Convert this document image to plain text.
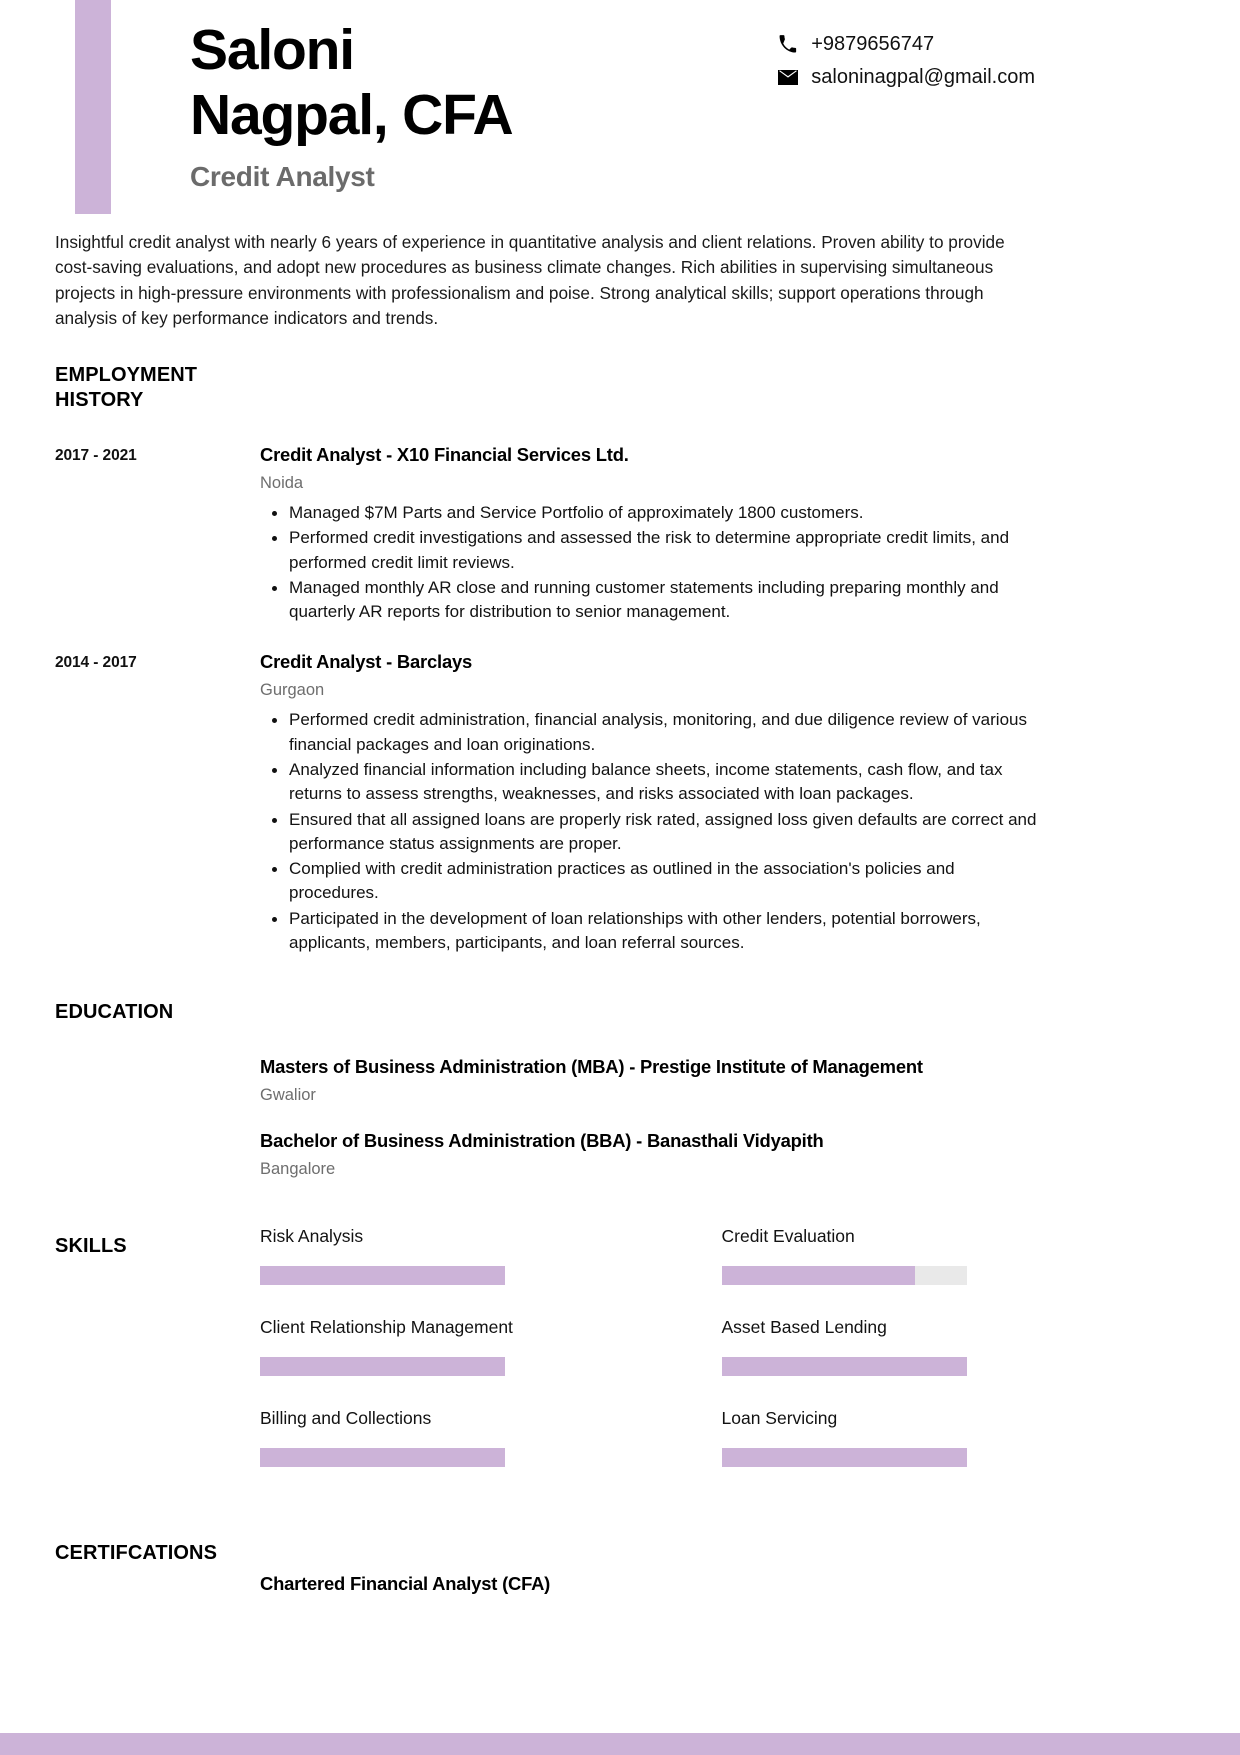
Saloni
Nagpal, CFA
Credit Analyst
+9879656747
saloninagpal@gmail.com
Insightful credit analyst with nearly 6 years of experience in quantitative analysis and client relations. Proven ability to provide cost-saving evaluations, and adopt new procedures as business climate changes. Rich abilities in supervising simultaneous projects in high-pressure environments with professionalism and poise. Strong analytical skills; support operations through analysis of key performance indicators and trends.
EMPLOYMENT
HISTORY
2017 - 2021	Credit Analyst - X10 Financial Services Ltd.
Noida
Managed $7M Parts and Service Portfolio of approximately 1800 customers.
Performed credit investigations and assessed the risk to determine appropriate credit limits, and performed credit limit reviews.
Managed monthly AR close and running customer statements including preparing monthly and quarterly AR reports for distribution to senior management.
2014 - 2017	Credit Analyst - Barclays
Gurgaon
Performed credit administration, financial analysis, monitoring, and due diligence review of various financial packages and loan originations.
Analyzed financial information including balance sheets, income statements, cash flow, and tax returns to assess strengths, weaknesses, and risks associated with loan packages.
Ensured that all assigned loans are properly risk rated, assigned loss given defaults are correct and performance status assignments are proper.
Complied with credit administration practices as outlined in the association's policies and procedures.
Participated in the development of loan relationships with other lenders, potential borrowers, applicants, members, participants, and loan referral sources.
EDUCATION
Masters of Business Administration (MBA) - Prestige Institute of Management
Gwalior
Bachelor of Business Administration (BBA) - Banasthali Vidyapith
Bangalore
SKILLS	Risk Analysis	Credit Evaluation
Client Relationship Management	Asset Based Lending
Billing and Collections	Loan Servicing
CERTIFCATIONS
Chartered Financial Analyst (CFA)
